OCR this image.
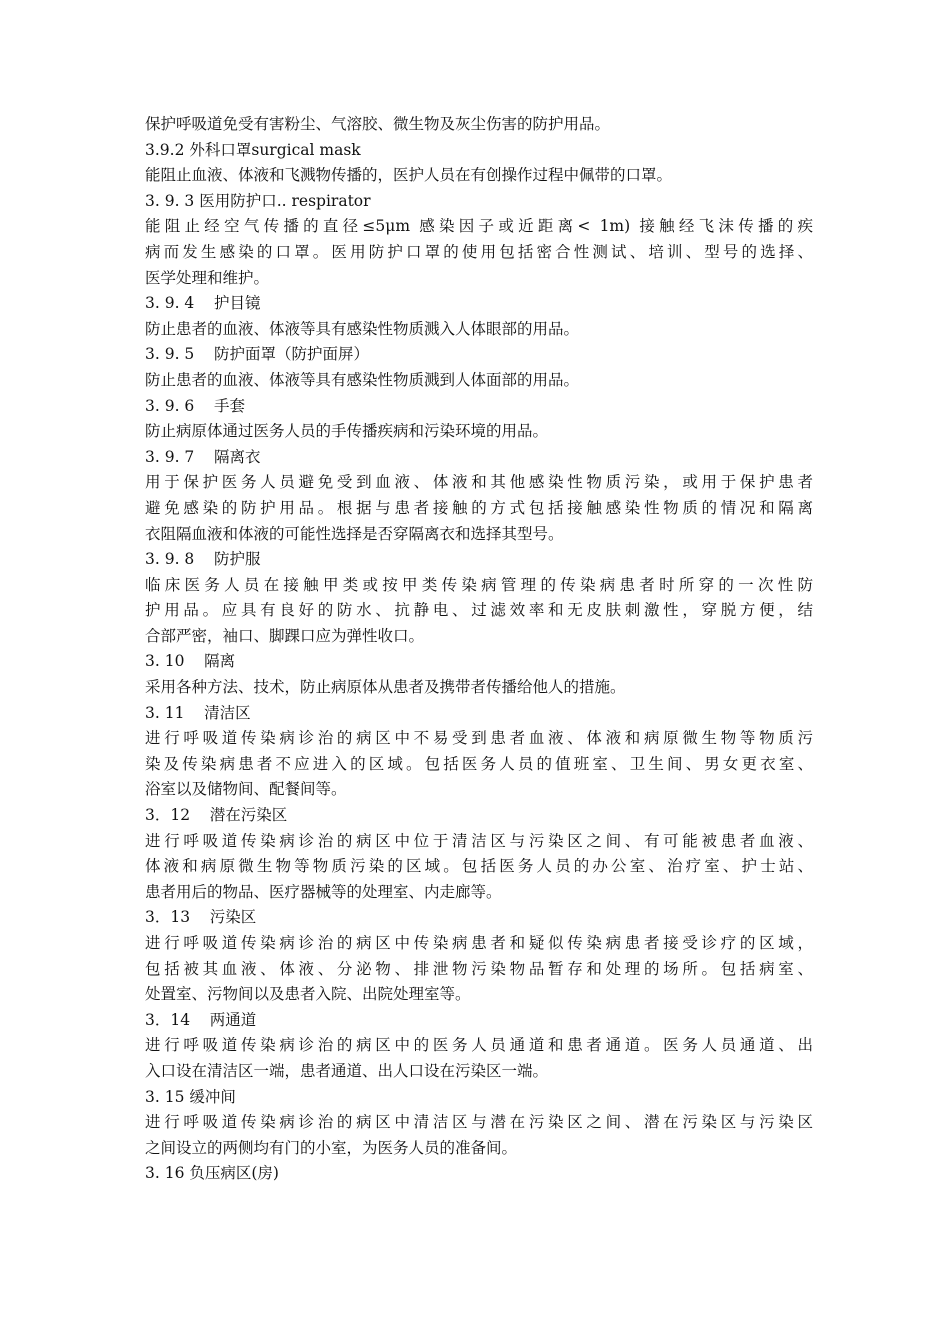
保护呼吸道免受有害粉尘、气溶胶、微生物及灰尘伤害的防护用品。
3.9.2 外科口罩surgical mask
能阻止血液、体液和飞溅物传播的，医护人员在有创操作过程中佩带的口罩。
3. 9. 3 医用防护口.. respirator
能阻止经空气传播的直径≤5μm 感染因子或近距离< 1m) 接触经飞沫传播的疾
病而发生感染的口罩。医用防护口罩的使用包括密合性测试、培训、型号的选择、
医学处理和维护。
3. 9. 4    护目镜
防止患者的血液、体液等具有感染性物质溅入人体眼部的用品。
3. 9. 5    防护面罩（防护面屏）
防止患者的血液、体液等具有感染性物质溅到人体面部的用品。
3. 9. 6    手套
防止病原体通过医务人员的手传播疾病和污染环境的用品。
3. 9. 7    隔离衣
用于保护医务人员避免受到血液、体液和其他感染性物质污染，或用于保护患者
避免感染的防护用品。根据与患者接触的方式包括接触感染性物质的情况和隔离
衣阻隔血液和体液的可能性选择是否穿隔离衣和选择其型号。
3. 9. 8    防护服
临床医务人员在接触甲类或按甲类传染病管理的传染病患者时所穿的一次性防
护用品。应具有良好的防水、抗静电、过滤效率和无皮肤刺激性，穿脱方便，结
合部严密，袖口、脚踝口应为弹性收口。
3. 10    隔离
采用各种方法、技术，防止病原体从患者及携带者传播给他人的措施。
3. 11    清洁区
进行呼吸道传染病诊治的病区中不易受到患者血液、体液和病原微生物等物质污
染及传染病患者不应进入的区域。包括医务人员的值班室、卫生间、男女更衣室、
浴室以及储物间、配餐间等。
3．12    潜在污染区
进行呼吸道传染病诊治的病区中位于清洁区与污染区之间、有可能被患者血液、
体液和病原微生物等物质污染的区域。包括医务人员的办公室、治疗室、护士站、
患者用后的物品、医疗器械等的处理室、内走廊等。
3．13    污染区
进行呼吸道传染病诊治的病区中传染病患者和疑似传染病患者接受诊疗的区域，
包括被其血液、体液、分泌物、排泄物污染物品暂存和处理的场所。包括病室、
处置室、污物间以及患者入院、出院处理室等。
3．14    两通道
进行呼吸道传染病诊治的病区中的医务人员通道和患者通道。医务人员通道、出
入口设在清洁区一端，患者通道、出人口设在污染区一端。
3. 15 缓冲间
进行呼吸道传染病诊治的病区中清洁区与潜在污染区之间、潜在污染区与污染区
之间设立的两侧均有门的小室，为医务人员的准备间。
3. 16 负压病区(房)
